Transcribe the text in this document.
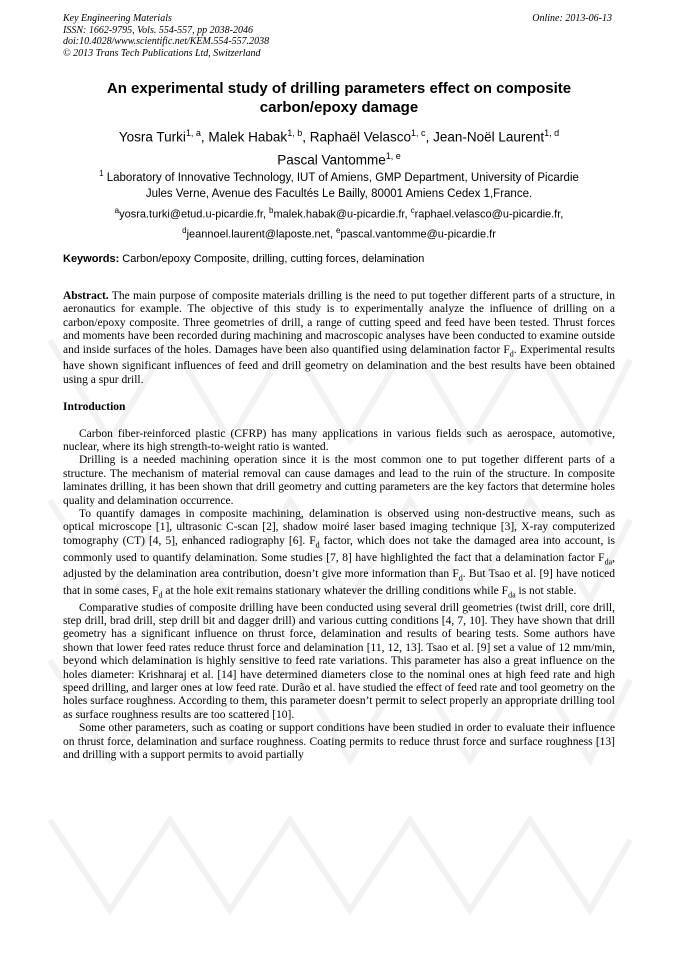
Key Engineering Materials
ISSN: 1662-9795, Vols. 554-557, pp 2038-2046
doi:10.4028/www.scientific.net/KEM.554-557.2038
© 2013 Trans Tech Publications Ltd, Switzerland
Online: 2013-06-13
An experimental study of drilling parameters effect on composite carbon/epoxy damage
Yosra Turki$^{1, a}$, Malek Habak$^{1, b}$, Raphaël Velasco$^{1, c}$, Jean-Noël Laurent$^{1, d}$
Pascal Vantomme$^{1, e}$
$^1$ Laboratory of Innovative Technology, IUT of Amiens, GMP Department, University of Picardie
Jules Verne, Avenue des Facultés Le Bailly, 80001 Amiens Cedex 1,France.
$^a$yosra.turki@etud.u-picardie.fr, $^b$malek.habak@u-picardie.fr, $^c$raphael.velasco@u-picardie.fr,
$^d$jeannoel.laurent@laposte.net, $^e$pascal.vantomme@u-picardie.fr
Keywords: Carbon/epoxy Composite, drilling, cutting forces, delamination

Abstract. The main purpose of composite materials drilling is the need to put together different parts of a structure, in aeronautics for example. The objective of this study is to experimentally analyze the influence of drilling on a carbon/epoxy composite. Three geometries of drill, a range of cutting speed and feed have been tested. Thrust forces and moments have been recorded during machining and macroscopic analyses have been conducted to examine outside and inside surfaces of the holes. Damages have been also quantified using delamination factor $F_d$. Experimental results have shown significant influences of feed and drill geometry on delamination and the best results have been obtained using a spur drill.

Introduction

Carbon fiber-reinforced plastic (CFRP) has many applications in various fields such as aerospace, automotive, nuclear, where its high strength-to-weight ratio is wanted.

Drilling is a needed machining operation since it is the most common one to put together different parts of a structure. The mechanism of material removal can cause damages and lead to the ruin of the structure. In composite laminates drilling, it has been shown that drill geometry and cutting parameters are the key factors that determine holes quality and delamination occurrence.

To quantify damages in composite machining, delamination is observed using non-destructive means, such as optical microscope [1], ultrasonic C-scan [2], shadow moiré laser based imaging technique [3], X-ray computerized tomography (CT) [4, 5], enhanced radiography [6]. $F_d$ factor, which does not take the damaged area into account, is commonly used to quantify delamination. Some studies [7, 8] have highlighted the fact that a delamination factor $F_{da}$, adjusted by the delamination area contribution, doesn’t give more information than $F_d$. But Tsao et al. [9] have noticed that in some cases, $F_d$ at the hole exit remains stationary whatever the drilling conditions while $F_{da}$ is not stable.

Comparative studies of composite drilling have been conducted using several drill geometries (twist drill, core drill, step drill, brad drill, step drill bit and dagger drill) and various cutting conditions [4, 7, 10]. They have shown that drill geometry has a significant influence on thrust force, delamination and results of bearing tests. Some authors have shown that lower feed rates reduce thrust force and delamination [11, 12, 13]. Tsao et al. [9] set a value of 12 mm/min, beyond which delamination is highly sensitive to feed rate variations. This parameter has also a great influence on the holes diameter: Krishnaraj et al. [14] have determined diameters close to the nominal ones at high feed rate and high speed drilling, and larger ones at low feed rate. Durão et al. have studied the effect of feed rate and tool geometry on the holes surface roughness. According to them, this parameter doesn’t permit to select properly an appropriate drilling tool as surface roughness results are too scattered [10].

Some other parameters, such as coating or support conditions have been studied in order to evaluate their influence on thrust force, delamination and surface roughness. Coating permits to reduce thrust force and surface roughness [13] and drilling with a support permits to avoid partially
